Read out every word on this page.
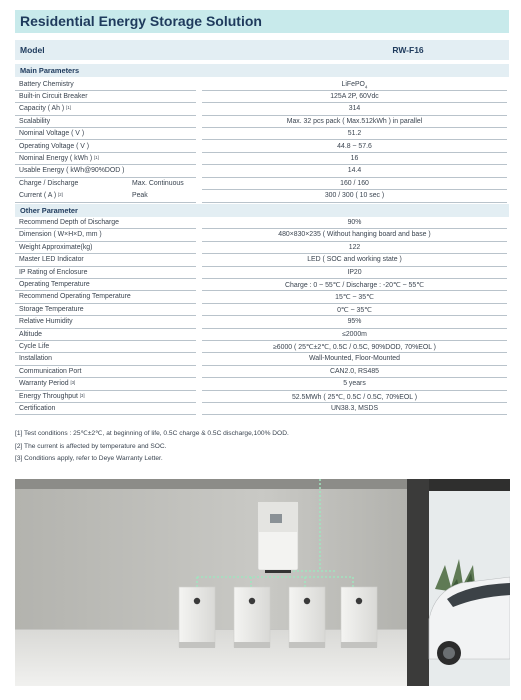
Residential Energy Storage Solution
Model	RW-F16
Main Parameters
Battery Chemistry	LiFePO$_4$
Built-in Circuit Breaker	125A 2P, 60Vdc
Capacity ( Ah ) [1]	314
Scalability	Max. 32 pcs pack ( Max.512kWh ) in parallel
Nominal Voltage ( V )	51.2
Operating Voltage ( V )	44.8 ~ 57.6
Nominal Energy ( kWh ) [1]	16
Usable Energy ( kWh@90%DOD )	14.4
Charge / Discharge	Max. Continuous	160 / 160
Current ( A ) [2]	Peak	300 / 300 ( 10 sec )
Other Parameter
Recommend Depth of Discharge	90%
Dimension ( W×H×D, mm )	480×830×235 ( Without hanging board and base )
Weight Approximate(kg)	122
Master LED Indicator	LED ( SOC and working state )
IP Rating of Enclosure	IP20
Operating Temperature	Charge : 0 ~ 55℃ / Discharge : -20℃ ~ 55℃
Recommend Operating Temperature	15℃ ~ 35℃
Storage Temperature	0℃ ~ 35℃
Relative Humidity	95%
Altitude	≤2000m
Cycle Life	≥6000 ( 25℃±2℃, 0.5C / 0.5C, 90%DOD, 70%EOL )
Installation	Wall-Mounted, Floor-Mounted
Communication Port	CAN2.0, RS485
Warranty Period [3]	5 years
Energy Throughput [3]	52.5MWh ( 25℃, 0.5C / 0.5C, 70%EOL )
Certification	UN38.3, MSDS
[1] Test conditions : 25℃±2℃, at beginning of life, 0.5C charge & 0.5C discharge,100% DOD.
[2] The current is affected by temperature and SOC.
[3] Conditions apply, refer to Deye Warranty Letter.
